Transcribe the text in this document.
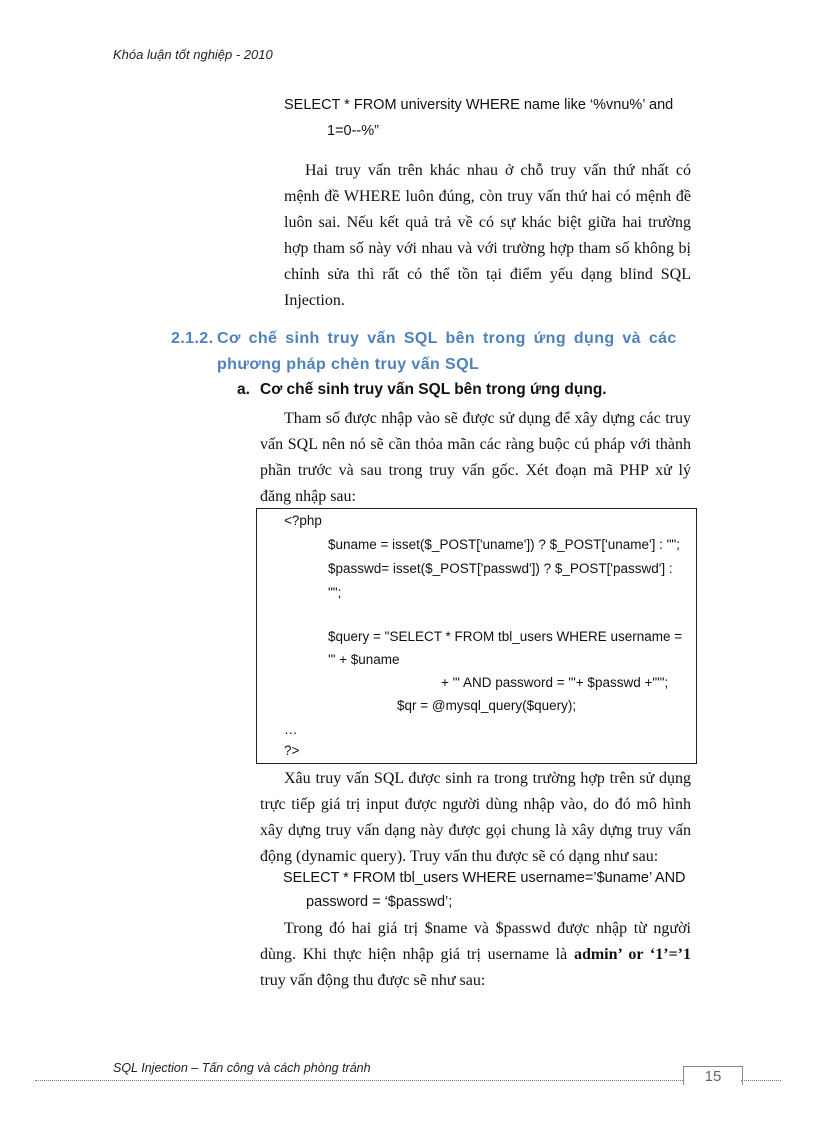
Khóa luận tốt nghiệp - 2010
SELECT * FROM university WHERE name like ‘%vnu%’ and
1=0--%”
Hai truy vấn trên khác nhau ở chỗ truy vấn thứ nhất có
mệnh đề WHERE luôn đúng, còn truy vấn thứ hai có mệnh đề
luôn sai. Nếu kết quả trả về có sự khác biệt giữa hai trường
hợp tham số này với nhau và với trường hợp tham số không bị
chỉnh sửa thì rất có thể tồn tại điểm yếu dạng blind SQL
Injection.
2.1.2. Cơ chế sinh truy vấn SQL bên trong ứng dụng và các
phương pháp chèn truy vấn SQL
a. Cơ chế sinh truy vấn SQL bên trong ứng dụng.
Tham số được nhập vào sẽ được sử dụng để xây dựng các truy
vấn SQL nên nó sẽ cần thỏa mãn các ràng buộc cú pháp với thành
phần trước và sau trong truy vấn gốc. Xét đoạn mã PHP xử lý
đăng nhập sau:
<?php
$uname = isset($_POST['uname']) ? $_POST['uname'] : "";
$passwd= isset($_POST['passwd']) ? $_POST['passwd'] :
"";
$query = "SELECT * FROM tbl_users WHERE username =
'" + $uname
+ "' AND password = '"+ $passwd +"'";
$qr = @mysql_query($query);
…
?>
Xâu truy vấn SQL được sinh ra trong trường hợp trên sử dụng
trực tiếp giá trị input được người dùng nhập vào, do đó mô hình
xây dựng truy vấn dạng này được gọi chung là xây dựng truy vấn
động (dynamic query). Truy vấn thu được sẽ có dạng như sau:
SELECT * FROM tbl_users WHERE username=’$uname’ AND
password = ‘$passwd’;
Trong đó hai giá trị $name và $passwd được nhập từ người
dùng. Khi thực hiện nhập giá trị username là admin’ or ‘1’=’1
truy vấn động thu được sẽ như sau:
SQL Injection – Tấn công và cách phòng tránh	15
